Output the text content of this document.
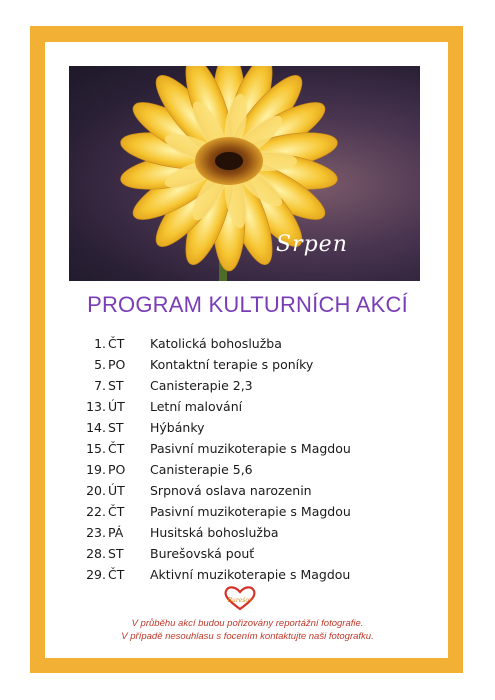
Srpen
PROGRAM KULTURNÍCH AKCÍ
1. ČT	Katolická bohoslužba
5. PO	Kontaktní terapie s poníky
7. ST	Canisterapie 2,3
13. ÚT	Letní malování
14. ST	Hýbánky
15. ČT	Pasivní muzikoterapie s Magdou
19. PO	Canisterapie 5,6
20. ÚT	Srpnová oslava narozenin
22. ČT	Pasivní muzikoterapie s Magdou
23. PÁ	Husitská bohoslužba
28. ST	Burešovská pouť
29. ČT	Aktivní muzikoterapie s Magdou
Burešov
V průběhu akcí budou pořizovány reportážní fotografie.
V případě nesouhlasu s focením kontaktujte naši fotografku.
